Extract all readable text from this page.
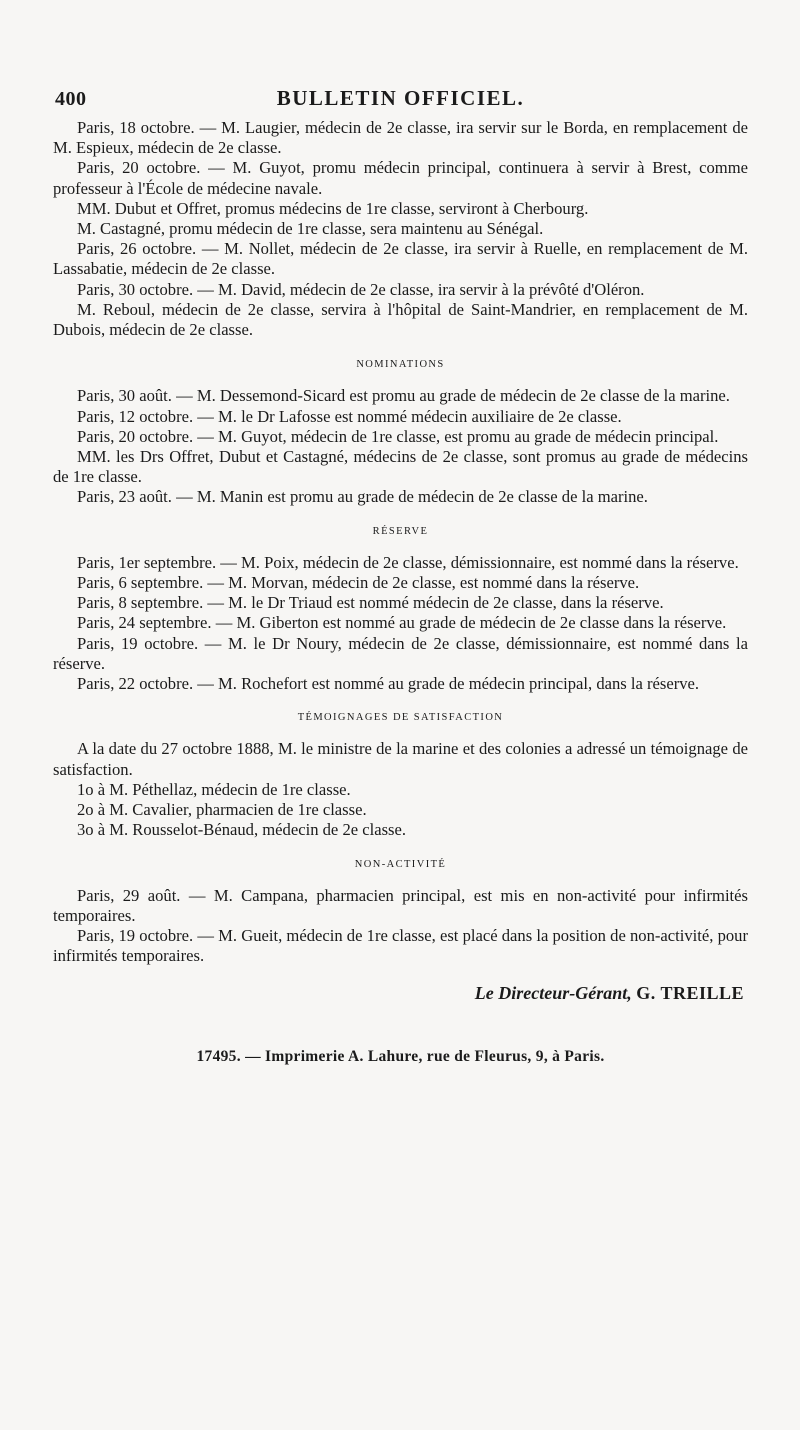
400	BULLETIN OFFICIEL.

Paris, 18 octobre. — M. Laugier, médecin de 2e classe, ira servir sur le Borda, en remplacement de M. Espieux, médecin de 2e classe.

Paris, 20 octobre. — M. Guyot, promu médecin principal, continuera à servir à Brest, comme professeur à l'École de médecine navale.

MM. Dubut et Offret, promus médecins de 1re classe, serviront à Cherbourg.

M. Castagné, promu médecin de 1re classe, sera maintenu au Sénégal.

Paris, 26 octobre. — M. Nollet, médecin de 2e classe, ira servir à Ruelle, en remplacement de M. Lassabatie, médecin de 2e classe.

Paris, 30 octobre. — M. David, médecin de 2e classe, ira servir à la prévôté d'Oléron.

M. Reboul, médecin de 2e classe, servira à l'hôpital de Saint-Mandrier, en remplacement de M. Dubois, médecin de 2e classe.

NOMINATIONS

Paris, 30 août. — M. Dessemond-Sicard est promu au grade de médecin de 2e classe de la marine.

Paris, 12 octobre. — M. le Dr Lafosse est nommé médecin auxiliaire de 2e classe.

Paris, 20 octobre. — M. Guyot, médecin de 1re classe, est promu au grade de médecin principal.

MM. les Drs Offret, Dubut et Castagné, médecins de 2e classe, sont promus au grade de médecins de 1re classe.

Paris, 23 août. — M. Manin est promu au grade de médecin de 2e classe de la marine.

RÉSERVE

Paris, 1er septembre. — M. Poix, médecin de 2e classe, démissionnaire, est nommé dans la réserve.

Paris, 6 septembre. — M. Morvan, médecin de 2e classe, est nommé dans la réserve.

Paris, 8 septembre. — M. le Dr Triaud est nommé médecin de 2e classe, dans la réserve.

Paris, 24 septembre. — M. Giberton est nommé au grade de médecin de 2e classe dans la réserve.

Paris, 19 octobre. — M. le Dr Noury, médecin de 2e classe, démissionnaire, est nommé dans la réserve.

Paris, 22 octobre. — M. Rochefort est nommé au grade de médecin principal, dans la réserve.

TÉMOIGNAGES DE SATISFACTION

A la date du 27 octobre 1888, M. le ministre de la marine et des colonies a adressé un témoignage de satisfaction.

1o à M. Péthellaz, médecin de 1re classe.

2o à M. Cavalier, pharmacien de 1re classe.

3o à M. Rousselot-Bénaud, médecin de 2e classe.

NON-ACTIVITÉ

Paris, 29 août. — M. Campana, pharmacien principal, est mis en non-activité pour infirmités temporaires.

Paris, 19 octobre. — M. Gueit, médecin de 1re classe, est placé dans la position de non-activité, pour infirmités temporaires.

Le Directeur-Gérant, G. TREILLE
17495. — Imprimerie A. Lahure, rue de Fleurus, 9, à Paris.
